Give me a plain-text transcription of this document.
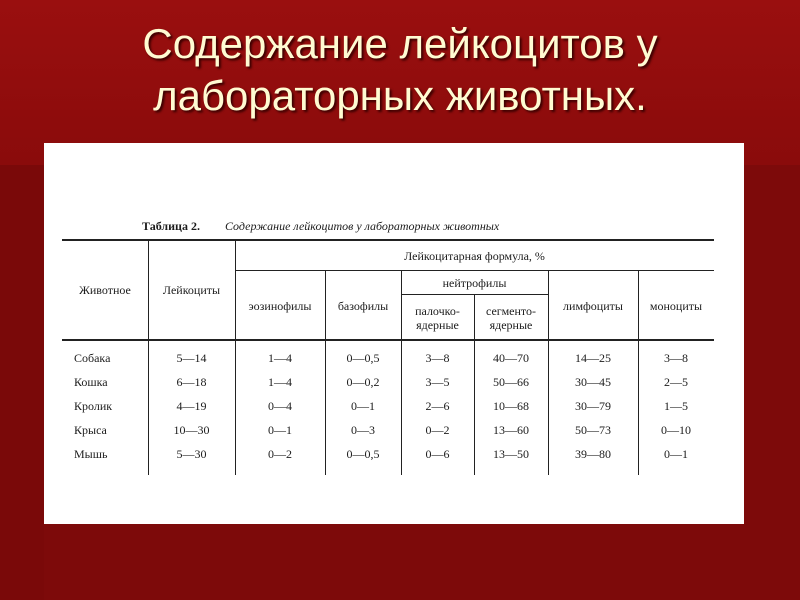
Содержание лейкоцитов у
лабораторных животных.
Таблица 2. Содержание лейкоцитов у лабораторных животных
Животное	Лейкоциты
Лейкоцитарная формула, %
эозинофилы	базофилы
нейтрофилы
палочко-
ядерные
сегменто-
ядерные
лимфоциты	моноциты
Собака	5—14	1—4	0—0,5	3—8	40—70	14—25	3—8
Кошка	6—18	1—4	0—0,2	3—5	50—66	30—45	2—5
Кролик	4—19	0—4	0—1	2—6	10—68	30—79	1—5
Крыса	10—30	0—1	0—3	0—2	13—60	50—73	0—10
Мышь	5—30	0—2	0—0,5	0—6	13—50	39—80	0—1
